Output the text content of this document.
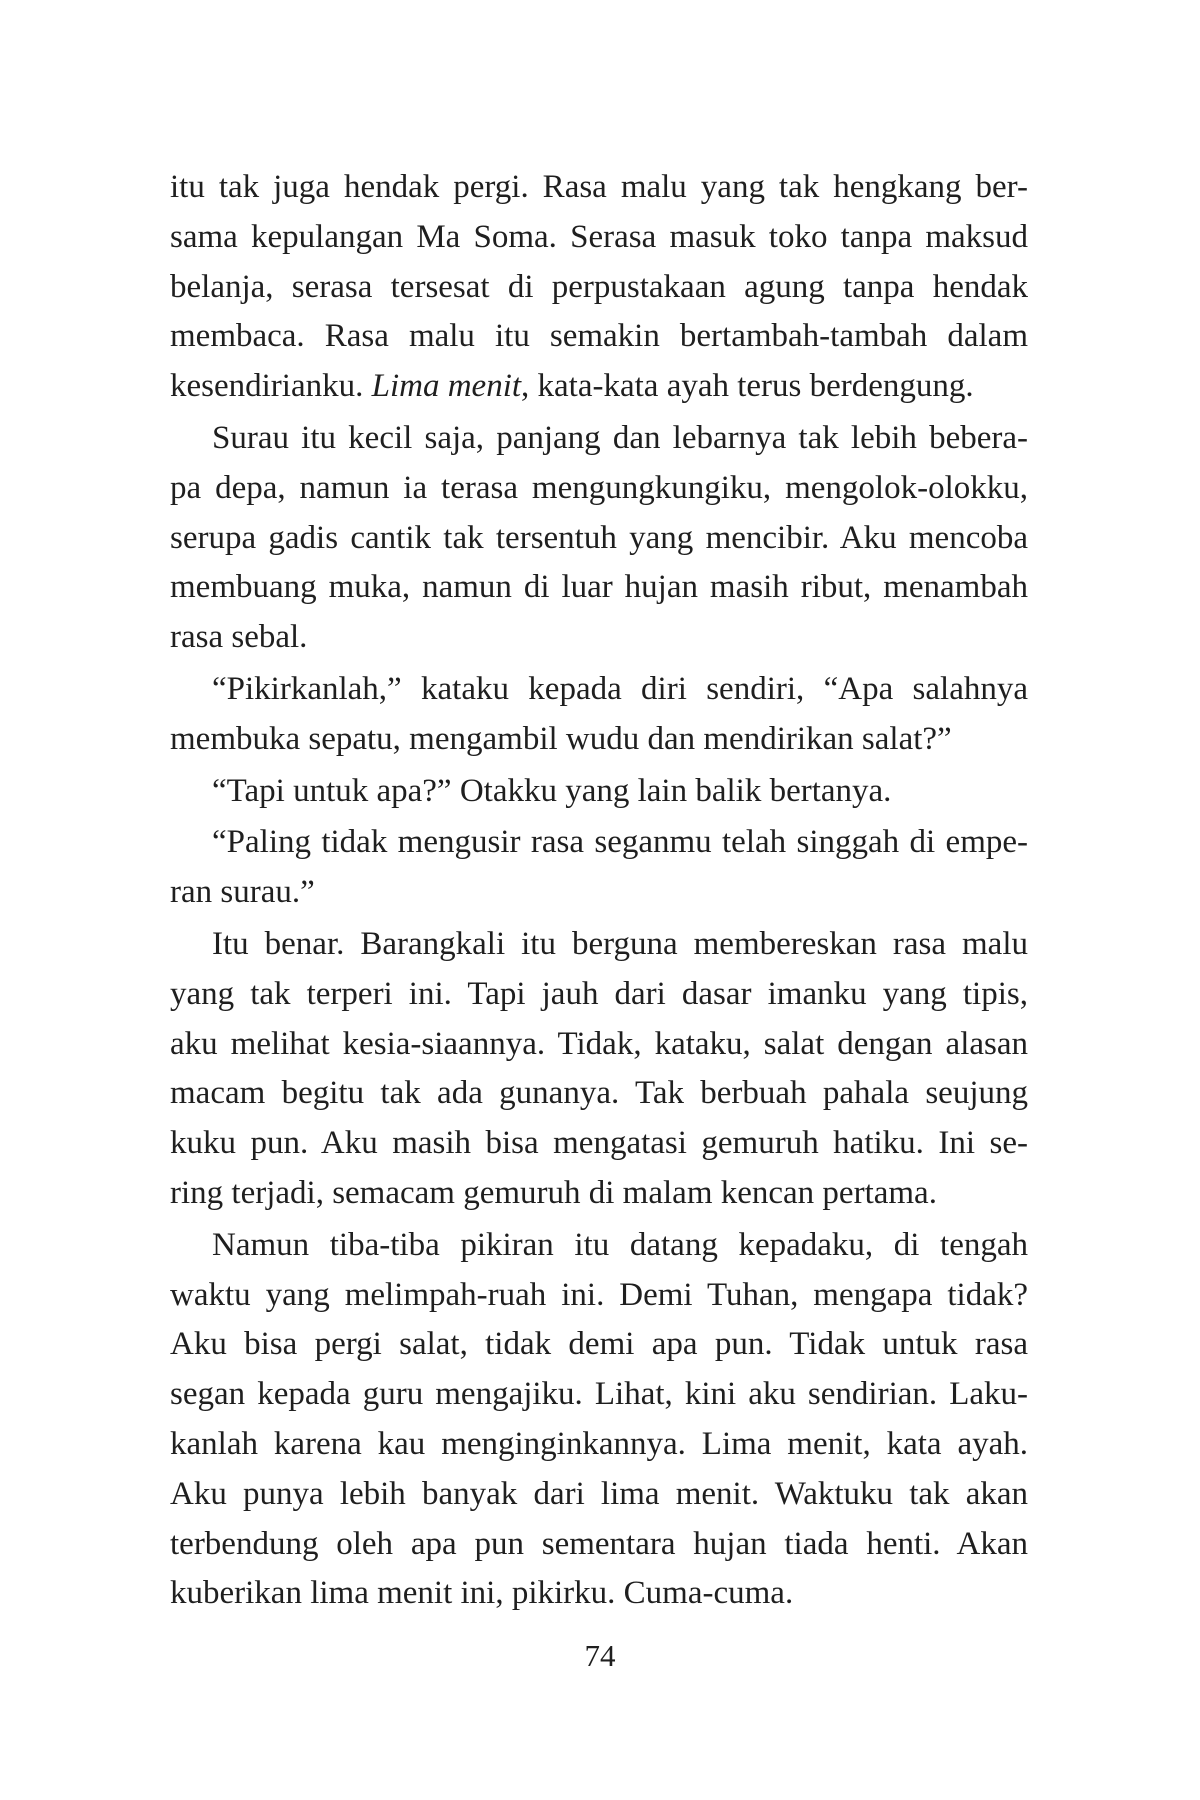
itu tak juga hendak pergi. Rasa malu yang tak hengkang ber-
sama kepulangan Ma Soma. Serasa masuk toko tanpa maksud
belanja, serasa tersesat di perpustakaan agung tanpa hendak
membaca. Rasa malu itu semakin bertambah-tambah dalam
kesendirianku. Lima menit, kata-kata ayah terus berdengung.
Surau itu kecil saja, panjang dan lebarnya tak lebih bebera-
pa depa, namun ia terasa mengungkungiku, mengolok-olokku,
serupa gadis cantik tak tersentuh yang mencibir. Aku mencoba
membuang muka, namun di luar hujan masih ribut, menambah
rasa sebal.
“Pikirkanlah,” kataku kepada diri sendiri, “Apa salahnya
membuka sepatu, mengambil wudu dan mendirikan salat?”
“Tapi untuk apa?” Otakku yang lain balik bertanya.
“Paling tidak mengusir rasa seganmu telah singgah di empe-
ran surau.”
Itu benar. Barangkali itu berguna membereskan rasa malu
yang tak terperi ini. Tapi jauh dari dasar imanku yang tipis,
aku melihat kesia-siaannya. Tidak, kataku, salat dengan alasan
macam begitu tak ada gunanya. Tak berbuah pahala seujung
kuku pun. Aku masih bisa mengatasi gemuruh hatiku. Ini se-
ring terjadi, semacam gemuruh di malam kencan pertama.
Namun tiba-tiba pikiran itu datang kepadaku, di tengah
waktu yang melimpah-ruah ini. Demi Tuhan, mengapa tidak?
Aku bisa pergi salat, tidak demi apa pun. Tidak untuk rasa
segan kepada guru mengajiku. Lihat, kini aku sendirian. Laku-
kanlah karena kau menginginkannya. Lima menit, kata ayah.
Aku punya lebih banyak dari lima menit. Waktuku tak akan
terbendung oleh apa pun sementara hujan tiada henti. Akan
kuberikan lima menit ini, pikirku. Cuma-cuma.
74
